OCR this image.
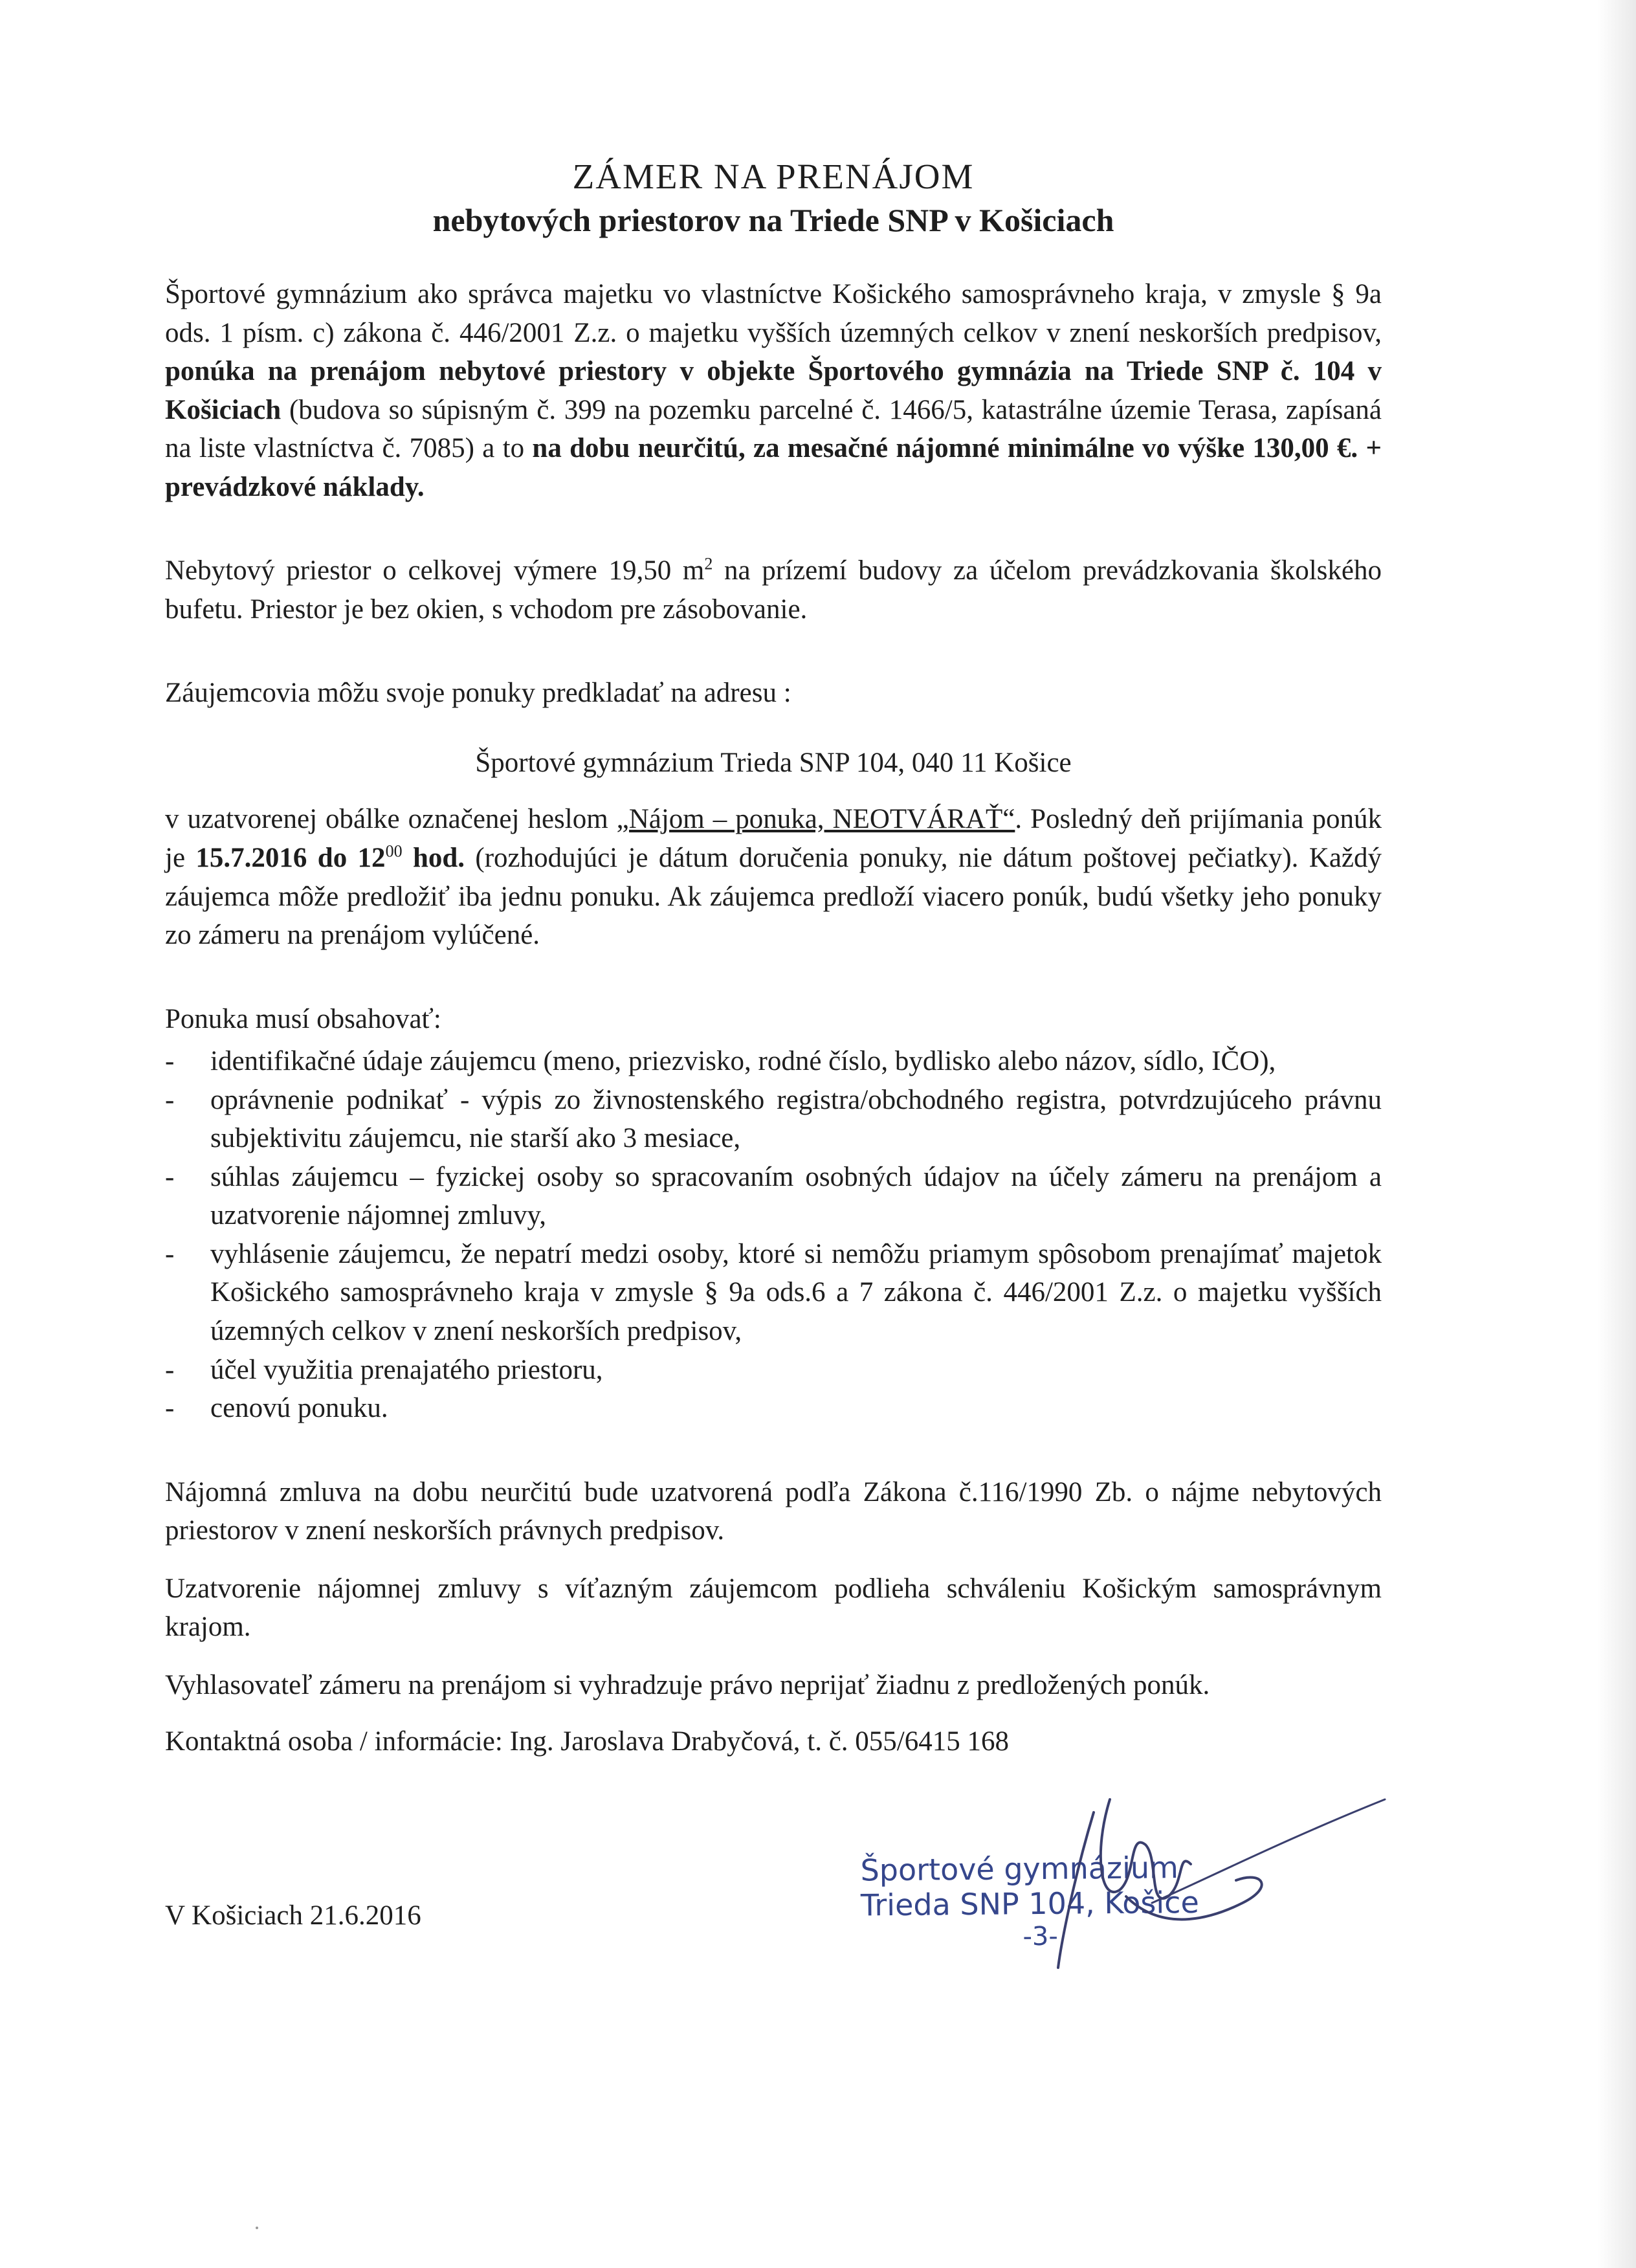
ZÁMER NA PRENÁJOM
nebytových priestorov na Triede SNP v Košiciach

Športové gymnázium ako správca majetku vo vlastníctve Košického samosprávneho kraja, v zmysle § 9a ods. 1 písm. c) zákona č. 446/2001 Z.z. o majetku vyšších územných celkov v znení neskorších predpisov, ponúka na prenájom nebytové priestory v objekte Športového gymnázia na Triede SNP č. 104 v Košiciach (budova so súpisným č. 399 na pozemku parcelné č. 1466/5, katastrálne územie Terasa, zapísaná na liste vlastníctva č. 7085) a to na dobu neurčitú, za mesačné nájomné minimálne vo výške 130,00 €. + prevádzkové náklady.

Nebytový priestor o celkovej výmere 19,50 $m^2$ na prízemí budovy za účelom prevádzkovania školského bufetu. Priestor je bez okien, s vchodom pre zásobovanie.

Záujemcovia môžu svoje ponuky predkladať na adresu :

Športové gymnázium Trieda SNP 104, 040 11 Košice

v uzatvorenej obálke označenej heslom „Nájom – ponuka, NEOTVÁRAŤ“. Posledný deň prijímania ponúk je 15.7.2016 do $12^{00}$ hod. (rozhodujúci je dátum doručenia ponuky, nie dátum poštovej pečiatky). Každý záujemca môže predložiť iba jednu ponuku. Ak záujemca predloží viacero ponúk, budú všetky jeho ponuky zo zámeru na prenájom vylúčené.

Ponuka musí obsahovať:

- identifikačné údaje záujemcu (meno, priezvisko, rodné číslo, bydlisko alebo názov, sídlo, IČO),
- oprávnenie podnikať - výpis zo živnostenského registra/obchodného registra, potvrdzujúceho právnu subjektivitu záujemcu, nie starší ako 3 mesiace,
- súhlas záujemcu – fyzickej osoby so spracovaním osobných údajov na účely zámeru na prenájom a uzatvorenie nájomnej zmluvy,
- vyhlásenie záujemcu, že nepatrí medzi osoby, ktoré si nemôžu priamym spôsobom prenajímať majetok Košického samosprávneho kraja v zmysle § 9a ods.6 a 7 zákona č. 446/2001 Z.z. o majetku vyšších územných celkov v znení neskorších predpisov,
- účel využitia prenajatého priestoru,
- cenovú ponuku.

Nájomná zmluva na dobu neurčitú bude uzatvorená podľa Zákona č.116/1990 Zb. o nájme nebytových priestorov v znení neskorších právnych predpisov.

Uzatvorenie nájomnej zmluvy s víťazným záujemcom podlieha schváleniu Košickým samosprávnym krajom.

Vyhlasovateľ zámeru na prenájom si vyhradzuje právo neprijať žiadnu z predložených ponúk.

Kontaktná osoba / informácie: Ing. Jaroslava Drabyčová, t. č. 055/6415 168

V Košiciach 21.6.2016
Športové gymnázium
Trieda SNP 104, Košice
-3-
